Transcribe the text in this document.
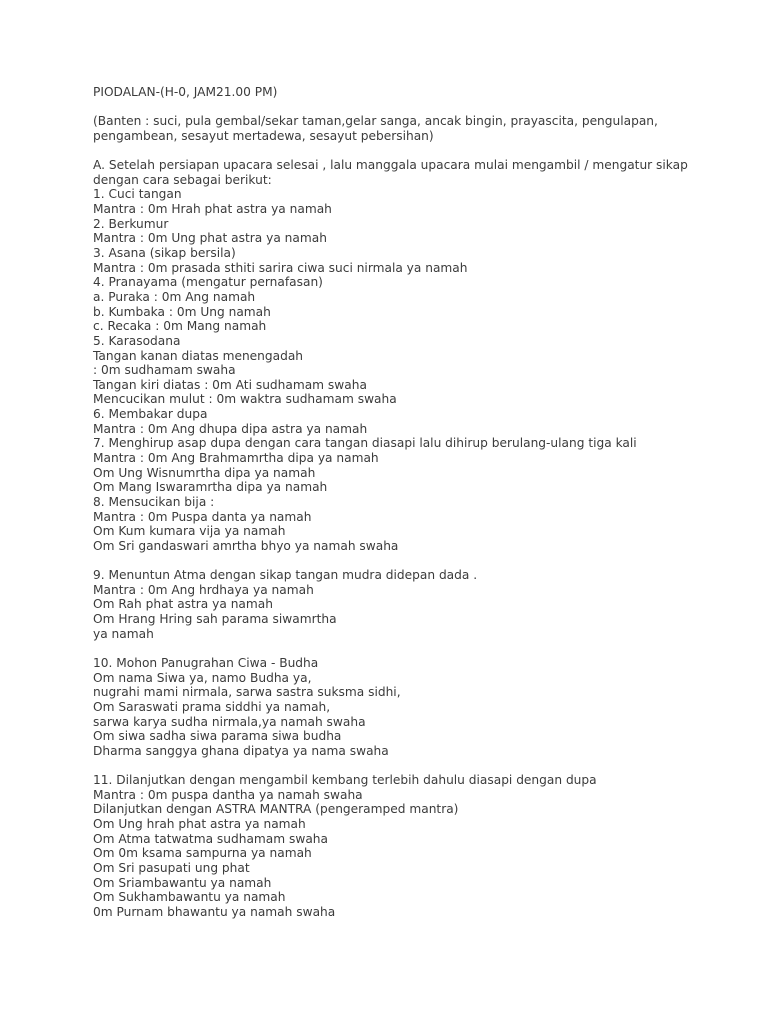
PIODALAN-(H-0, JAM21.00 PM)
(Banten : suci, pula gembal/sekar taman,gelar sanga, ancak bingin, prayascita, pengulapan,
pengambean, sesayut mertadewa, sesayut pebersihan)
A. Setelah persiapan upacara selesai , lalu manggala upacara mulai mengambil / mengatur sikap
dengan cara sebagai berikut:
1. Cuci tangan
Mantra : 0m Hrah phat astra ya namah
2. Berkumur
Mantra : 0m Ung phat astra ya namah
3. Asana (sikap bersila)
Mantra : 0m prasada sthiti sarira ciwa suci nirmala ya namah
4. Pranayama (mengatur pernafasan)
a. Puraka : 0m Ang namah
b. Kumbaka : 0m Ung namah
c. Recaka : 0m Mang namah
5. Karasodana
Tangan kanan diatas menengadah
: 0m sudhamam swaha
Tangan kiri diatas : 0m Ati sudhamam swaha
Mencucikan mulut : 0m waktra sudhamam swaha
6. Membakar dupa
Mantra : 0m Ang dhupa dipa astra ya namah
7. Menghirup asap dupa dengan cara tangan diasapi lalu dihirup berulang-ulang tiga kali
Mantra : 0m Ang Brahmamrtha dipa ya namah
Om Ung Wisnumrtha dipa ya namah
Om Mang Iswaramrtha dipa ya namah
8. Mensucikan bija :
Mantra : 0m Puspa danta ya namah
Om Kum kumara vija ya namah
Om Sri gandaswari amrtha bhyo ya namah swaha
9. Menuntun Atma dengan sikap tangan mudra didepan dada .
Mantra : 0m Ang hrdhaya ya namah
Om Rah phat astra ya namah
Om Hrang Hring sah parama siwamrtha
ya namah
10. Mohon Panugrahan Ciwa - Budha
Om nama Siwa ya, namo Budha ya,
nugrahi mami nirmala, sarwa sastra suksma sidhi,
Om Saraswati prama siddhi ya namah,
sarwa karya sudha nirmala,ya namah swaha
Om siwa sadha siwa parama siwa budha
Dharma sanggya ghana dipatya ya nama swaha
11. Dilanjutkan dengan mengambil kembang terlebih dahulu diasapi dengan dupa
Mantra : 0m puspa dantha ya namah swaha
Dilanjutkan dengan ASTRA MANTRA (pengeramped mantra)
Om Ung hrah phat astra ya namah
Om Atma tatwatma sudhamam swaha
Om 0m ksama sampurna ya namah
Om Sri pasupati ung phat
Om Sriambawantu ya namah
Om Sukhambawantu ya namah
0m Purnam bhawantu ya namah swaha
